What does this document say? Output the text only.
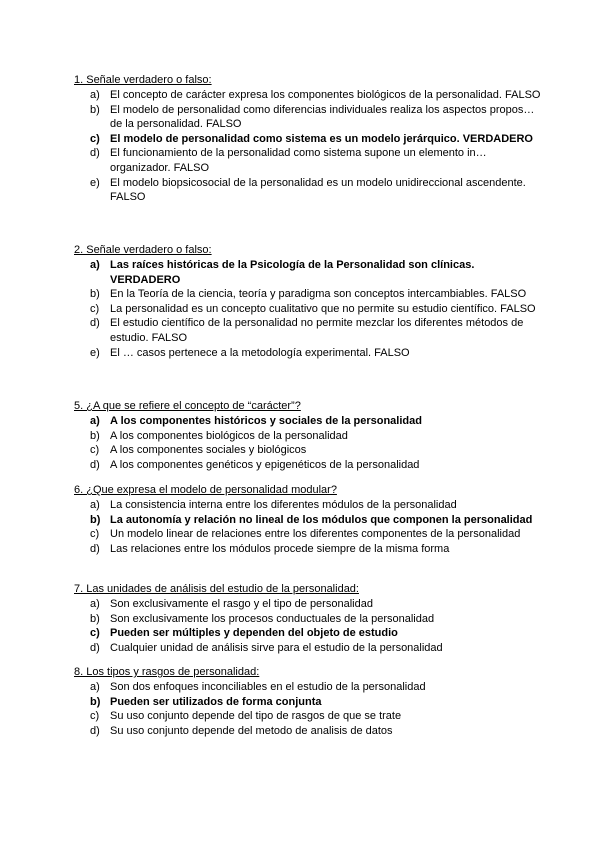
1. Señale verdadero o falso:
a) El concepto de carácter expresa los componentes biológicos de la personalidad. FALSO
b) El modelo de personalidad como diferencias individuales realiza los aspectos propos… de la personalidad. FALSO
c) El modelo de personalidad como sistema es un modelo jerárquico. VERDADERO
d) El funcionamiento de la personalidad como sistema supone un elemento in… organizador. FALSO
e) El modelo biopsicosocial de la personalidad es un modelo unidireccional ascendente. FALSO
2. Señale verdadero o falso:
a) Las raíces históricas de la Psicología de la Personalidad son clínicas. VERDADERO
b) En la Teoría de la ciencia, teoría y paradigma son conceptos intercambiables. FALSO
c) La personalidad es un concepto cualitativo que no permite su estudio científico. FALSO
d) El estudio científico de la personalidad no permite mezclar los diferentes métodos de estudio. FALSO
e) El … casos pertenece a la metodología experimental. FALSO
5. ¿A que se refiere el concepto de “carácter”?
a) A los componentes históricos y sociales de la personalidad
b) A los componentes biológicos de la personalidad
c) A los componentes sociales y biológicos
d) A los componentes genéticos y epigenéticos de la personalidad
6. ¿Que expresa el modelo de personalidad modular?
a) La consistencia interna entre los diferentes módulos de la personalidad
b) La autonomía y relación no lineal de los módulos que componen la personalidad
c) Un modelo linear de relaciones entre los diferentes componentes de la personalidad
d) Las relaciones entre los módulos procede siempre de la misma forma
7. Las unidades de análisis del estudio de la personalidad:
a) Son exclusivamente el rasgo y el tipo de personalidad
b) Son exclusivamente los procesos conductuales de la personalidad
c) Pueden ser múltiples y dependen del objeto de estudio
d) Cualquier unidad de análisis sirve para el estudio de la personalidad
8. Los tipos y rasgos de personalidad:
a) Son dos enfoques inconciliables en el estudio de la personalidad
b) Pueden ser utilizados de forma conjunta
c) Su uso conjunto depende del tipo de rasgos de que se trate
d) Su uso conjunto depende del metodo de analisis de datos
